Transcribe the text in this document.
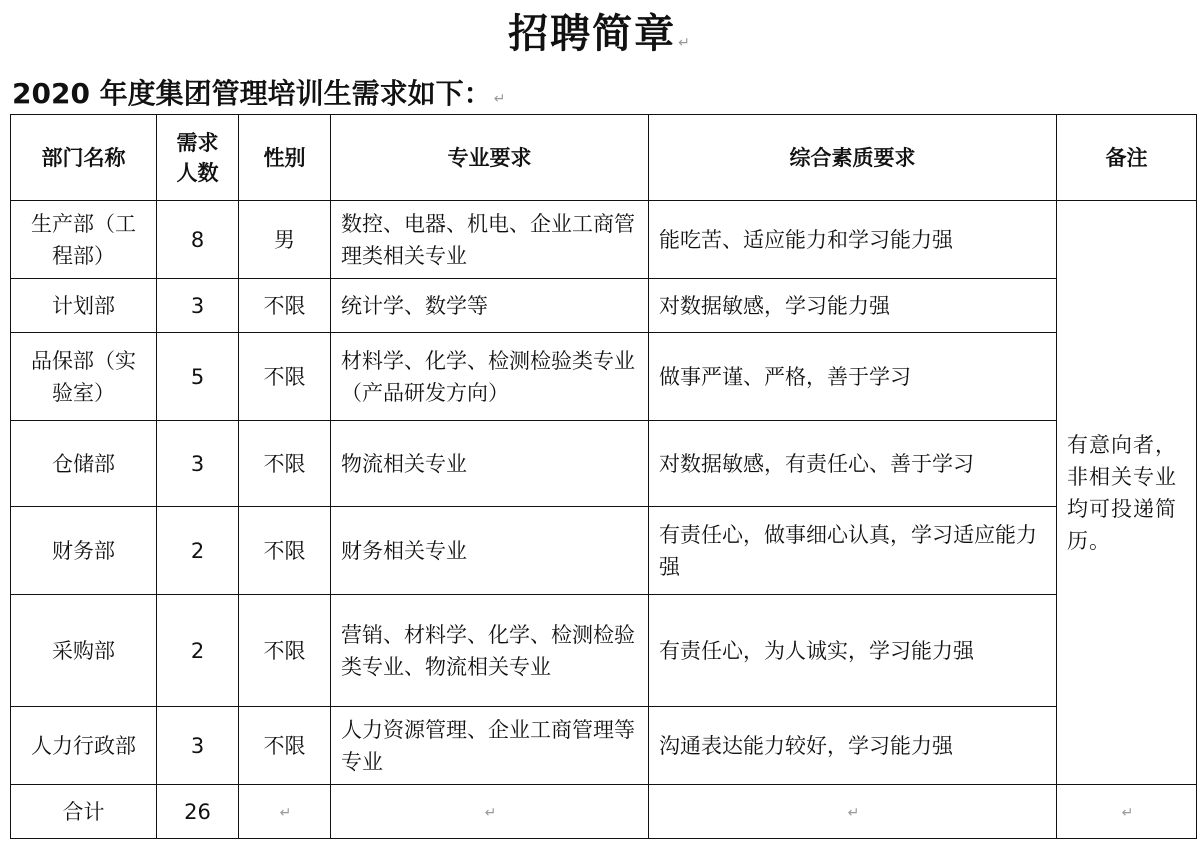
招聘简章 ↵
2020 年度集团管理培训生需求如下： ↵
部门名称	需求人数	性别	专业要求	综合素质要求	备注
生产部（工程部）	8	男	数控、电器、机电、企业工商管理类相关专业	能吃苦、适应能力和学习能力强	有意向者，非相关专业均可投递简历。
计划部	3	不限	统计学、数学等	对数据敏感，学习能力强	
品保部（实验室）	5	不限	材料学、化学、检测检验类专业（产品研发方向）	做事严谨、严格，善于学习	
仓储部	3	不限	物流相关专业	对数据敏感，有责任心、善于学习	
财务部	2	不限	财务相关专业	有责任心，做事细心认真，学习适应能力强	
采购部	2	不限	营销、材料学、化学、检测检验类专业、物流相关专业	有责任心，为人诚实，学习能力强	
人力行政部	3	不限	人力资源管理、企业工商管理等专业	沟通表达能力较好，学习能力强	
合计	26	↵	↵	↵	↵
